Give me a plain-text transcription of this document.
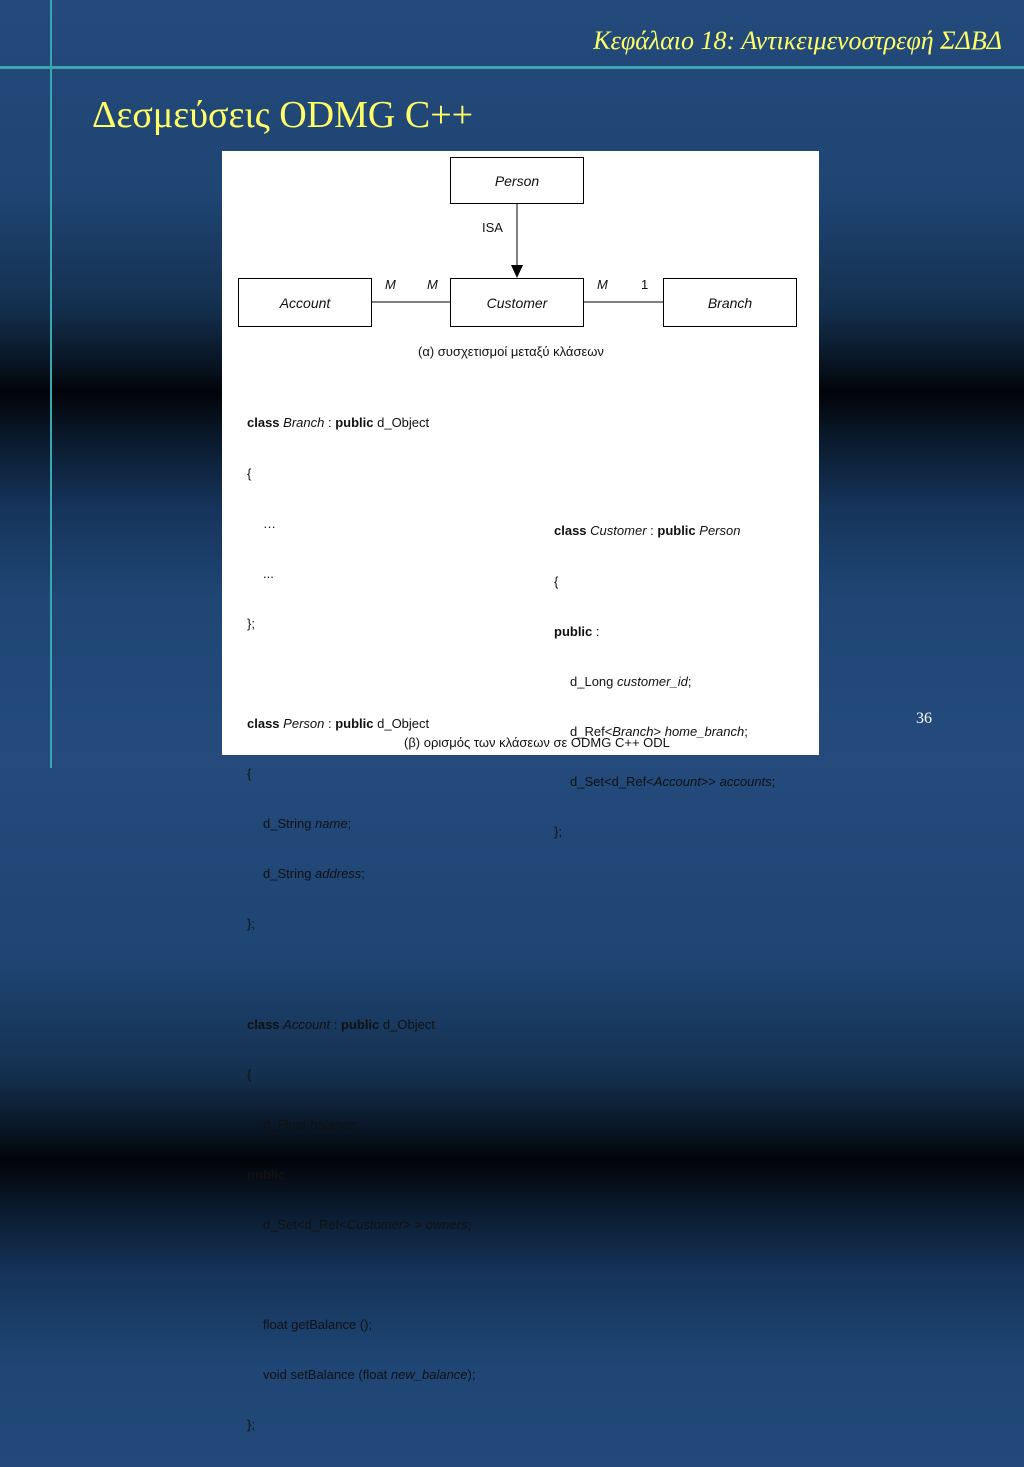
Κεφάλαιο 18: Αντικειμενοστρεφή ΣΔΒΔ
Δεσμεύσεις ODMG C++
Person
Account	Customer	Branch
ISA
M M	M	1
(α) συσχετισμοί μεταξύ κλάσεων

class Branch : public d_Object

{

…

...

};

class Person : public d_Object

{

d_String name;

d_String address;

};

class Account : public d_Object

{

d_Float balance;

public :

d_Set<d_Ref<Customer> > owners;

float getBalance ();

void setBalance (float new_balance);

};

class Customer : public Person

{

public :

d_Long customer_id;

d_Ref<Branch> home_branch;

d_Set<d_Ref<Account>> accounts;

};

(β) ορισμός των κλάσεων σε ODMG C++ ODL
36
